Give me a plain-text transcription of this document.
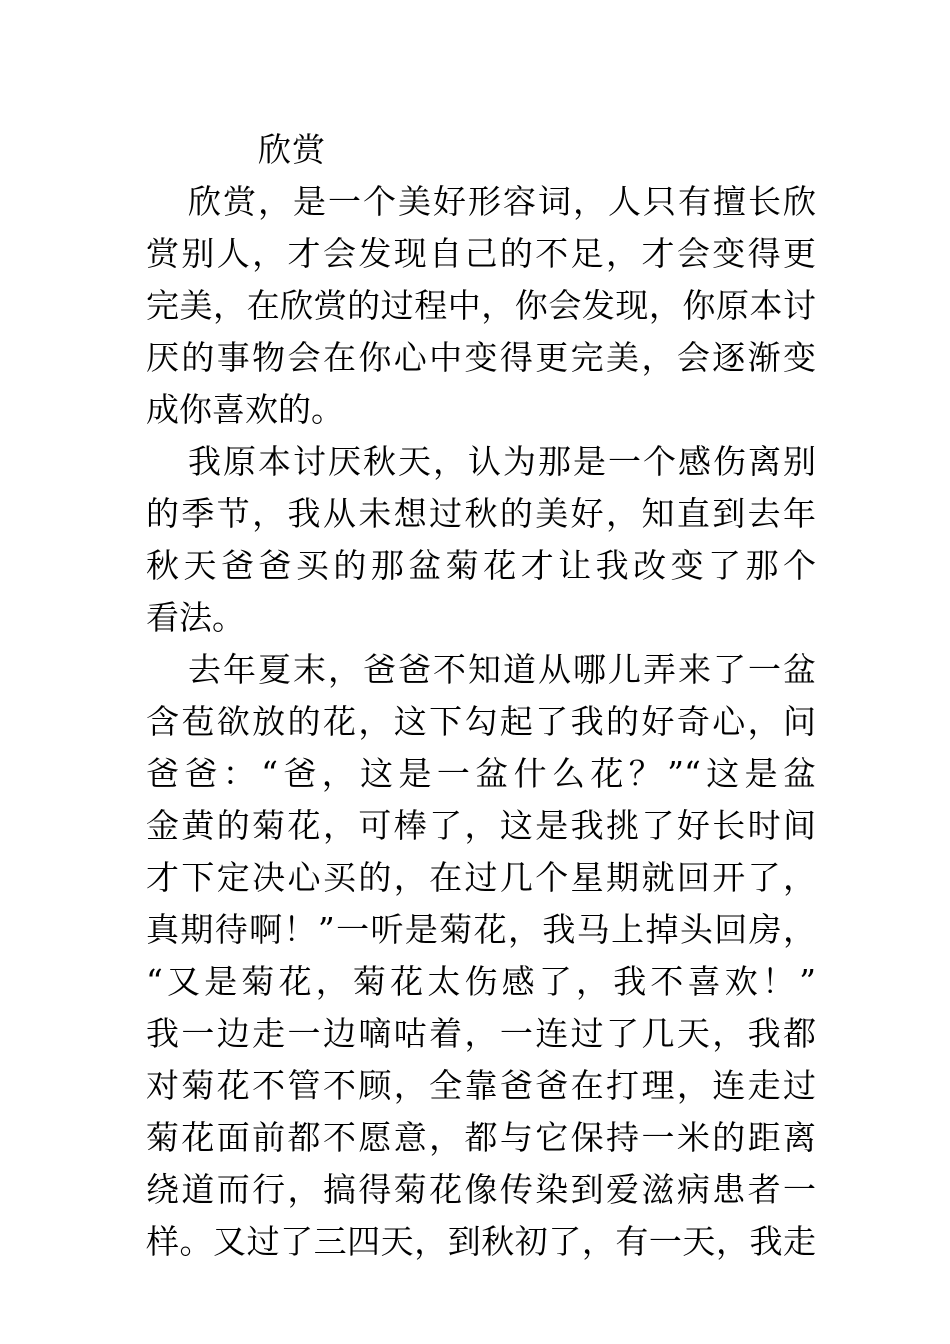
欣赏
欣赏，是一个美好形容词，人只有擅长欣
赏别人，才会发现自己的不足，才会变得更
完美，在欣赏的过程中，你会发现，你原本讨
厌的事物会在你心中变得更完美，会逐渐变
成你喜欢的。
我原本讨厌秋天，认为那是一个感伤离别
的季节，我从未想过秋的美好，知直到去年
秋天爸爸买的那盆菊花才让我改变了那个
看法。
去年夏末，爸爸不知道从哪儿弄来了一盆
含苞欲放的花，这下勾起了我的好奇心，问
爸爸：“爸，这是一盆什么花？”“这是盆
金黄的菊花，可棒了，这是我挑了好长时间
才下定决心买的，在过几个星期就回开了，
真期待啊！”一听是菊花，我马上掉头回房，
“又是菊花，菊花太伤感了，我不喜欢！”
我一边走一边嘀咕着，一连过了几天，我都
对菊花不管不顾，全靠爸爸在打理，连走过
菊花面前都不愿意，都与它保持一米的距离
绕道而行，搞得菊花像传染到爱滋病患者一
样。又过了三四天，到秋初了，有一天，我走
